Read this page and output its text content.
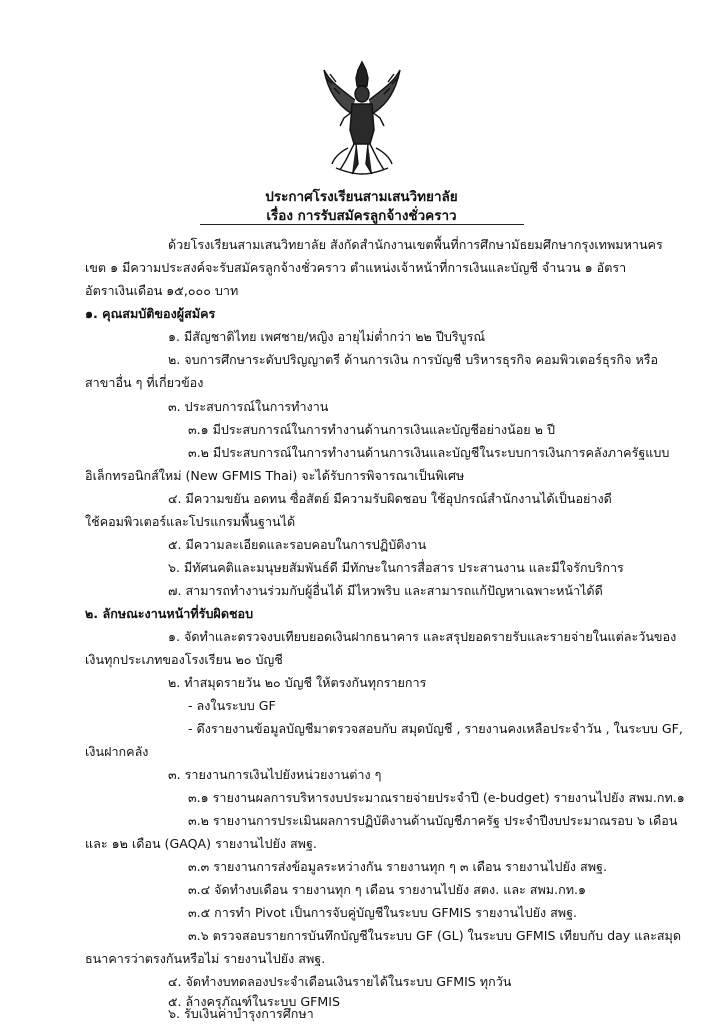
ประกาศโรงเรียนสามเสนวิทยาลัย
เรื่อง การรับสมัครลูกจ้างชั่วคราว
ด้วยโรงเรียนสามเสนวิทยาลัย สังกัดสำนักงานเขตพื้นที่การศึกษามัธยมศึกษากรุงเทพมหานคร
เขต ๑ มีความประสงค์จะรับสมัครลูกจ้างชั่วคราว ตำแหน่งเจ้าหน้าที่การเงินและบัญชี จำนวน ๑ อัตรา
อัตราเงินเดือน ๑๕,๐๐๐ บาท
๑. คุณสมบัติของผู้สมัคร
๑. มีสัญชาติไทย เพศชาย/หญิง อายุไม่ต่ำกว่า ๒๒ ปีบริบูรณ์
๒. จบการศึกษาระดับปริญญาตรี ด้านการเงิน การบัญชี บริหารธุรกิจ คอมพิวเตอร์ธุรกิจ หรือ
สาขาอื่น ๆ ที่เกี่ยวข้อง
๓. ประสบการณ์ในการทำงาน
๓.๑ มีประสบการณ์ในการทำงานด้านการเงินและบัญชีอย่างน้อย ๒ ปี
๓.๒ มีประสบการณ์ในการทำงานด้านการเงินและบัญชีในระบบการเงินการคลังภาครัฐแบบ
อิเล็กทรอนิกส์ใหม่ (New GFMIS Thai) จะได้รับการพิจารณาเป็นพิเศษ
๔. มีความขยัน อดทน ซื่อสัตย์ มีความรับผิดชอบ ใช้อุปกรณ์สำนักงานได้เป็นอย่างดี
ใช้คอมพิวเตอร์และโปรแกรมพื้นฐานได้
๕. มีความละเอียดและรอบคอบในการปฏิบัติงาน
๖. มีทัศนคติและมนุษยสัมพันธ์ดี มีทักษะในการสื่อสาร ประสานงาน และมีใจรักบริการ
๗. สามารถทำงานร่วมกับผู้อื่นได้ มีไหวพริบ และสามารถแก้ปัญหาเฉพาะหน้าได้ดี
๒. ลักษณะงานหน้าที่รับผิดชอบ
๑. จัดทำและตรวจงบเทียบยอดเงินฝากธนาคาร และสรุปยอดรายรับและรายจ่ายในแต่ละวันของ
เงินทุกประเภทของโรงเรียน ๒๐ บัญชี
๒. ทำสมุดรายวัน ๒๐ บัญชี ให้ตรงกันทุกรายการ
- ลงในระบบ GF
- ดึงรายงานข้อมูลบัญชีมาตรวจสอบกับ สมุดบัญชี , รายงานคงเหลือประจำวัน , ในระบบ GF,
เงินฝากคลัง
๓. รายงานการเงินไปยังหน่วยงานต่าง ๆ
๓.๑ รายงานผลการบริหารงบประมาณรายจ่ายประจำปี (e-budget) รายงานไปยัง สพม.กท.๑
๓.๒ รายงานการประเมินผลการปฏิบัติงานด้านบัญชีภาครัฐ ประจำปีงบประมาณรอบ ๖ เดือน
และ ๑๒ เดือน (GAQA) รายงานไปยัง สพฐ.
๓.๓ รายงานการส่งข้อมูลระหว่างกัน รายงานทุก ๆ ๓ เดือน รายงานไปยัง สพฐ.
๓.๔ จัดทำงบเดือน รายงานทุก ๆ เดือน รายงานไปยัง สตง. และ สพม.กท.๑
๓.๕ การทำ Pivot เป็นการจับคู่บัญชีในระบบ GFMIS รายงานไปยัง สพฐ.
๓.๖ ตรวจสอบรายการบันทึกบัญชีในระบบ GF (GL) ในระบบ GFMIS เทียบกับ day และสมุด
ธนาคารว่าตรงกันหรือไม่ รายงานไปยัง สพฐ.
๔. จัดทำงบทดลองประจำเดือนเงินรายได้ในระบบ GFMIS ทุกวัน
๕. ล้างครุภัณฑ์ในระบบ GFMIS
๖. รับเงินค่าบำรุงการศึกษา
